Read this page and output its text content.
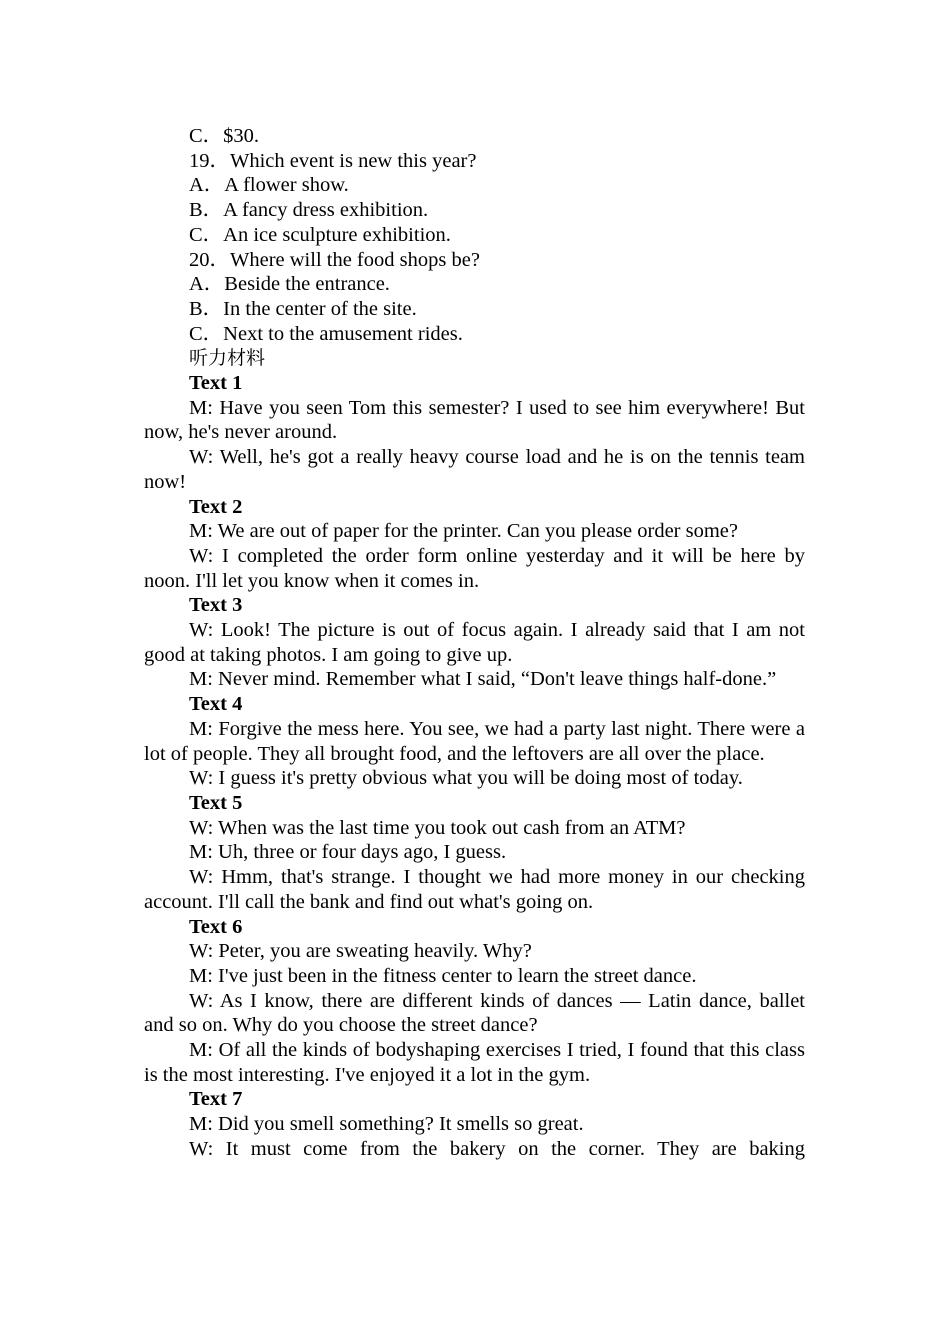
C．$30.

19．Which event is new this year?

A．A flower show.

B．A fancy dress exhibition.

C．An ice sculpture exhibition.

20．Where will the food shops be?

A．Beside the entrance.

B．In the center of the site.

C．Next to the amusement rides.

听力材料

Text 1

M: Have you seen Tom this semester? I used to see him everywhere! But now, he's never around.

W: Well, he's got a really heavy course load and he is on the tennis team now!

Text 2

M: We are out of paper for the printer. Can you please order some?

W: I completed the order form online yesterday and it will be here by noon. I'll let you know when it comes in.

Text 3

W: Look! The picture is out of focus again. I already said that I am not good at taking photos. I am going to give up.

M: Never mind. Remember what I said, “Don't leave things half-done.”

Text 4

M: Forgive the mess here. You see, we had a party last night. There were a lot of people. They all brought food, and the leftovers are all over the place.

W: I guess it's pretty obvious what you will be doing most of today.

Text 5

W: When was the last time you took out cash from an ATM?

M: Uh, three or four days ago, I guess.

W: Hmm, that's strange. I thought we had more money in our checking account. I'll call the bank and find out what's going on.

Text 6

W: Peter, you are sweating heavily. Why?

M: I've just been in the fitness center to learn the street dance.

W: As I know, there are different kinds of dances — Latin dance, ballet and so on. Why do you choose the street dance?

M: Of all the kinds of bodyshaping exercises I tried, I found that this class is the most interesting. I've enjoyed it a lot in the gym.

Text 7

M: Did you smell something? It smells so great.

W: It must come from the bakery on the corner. They are baking
